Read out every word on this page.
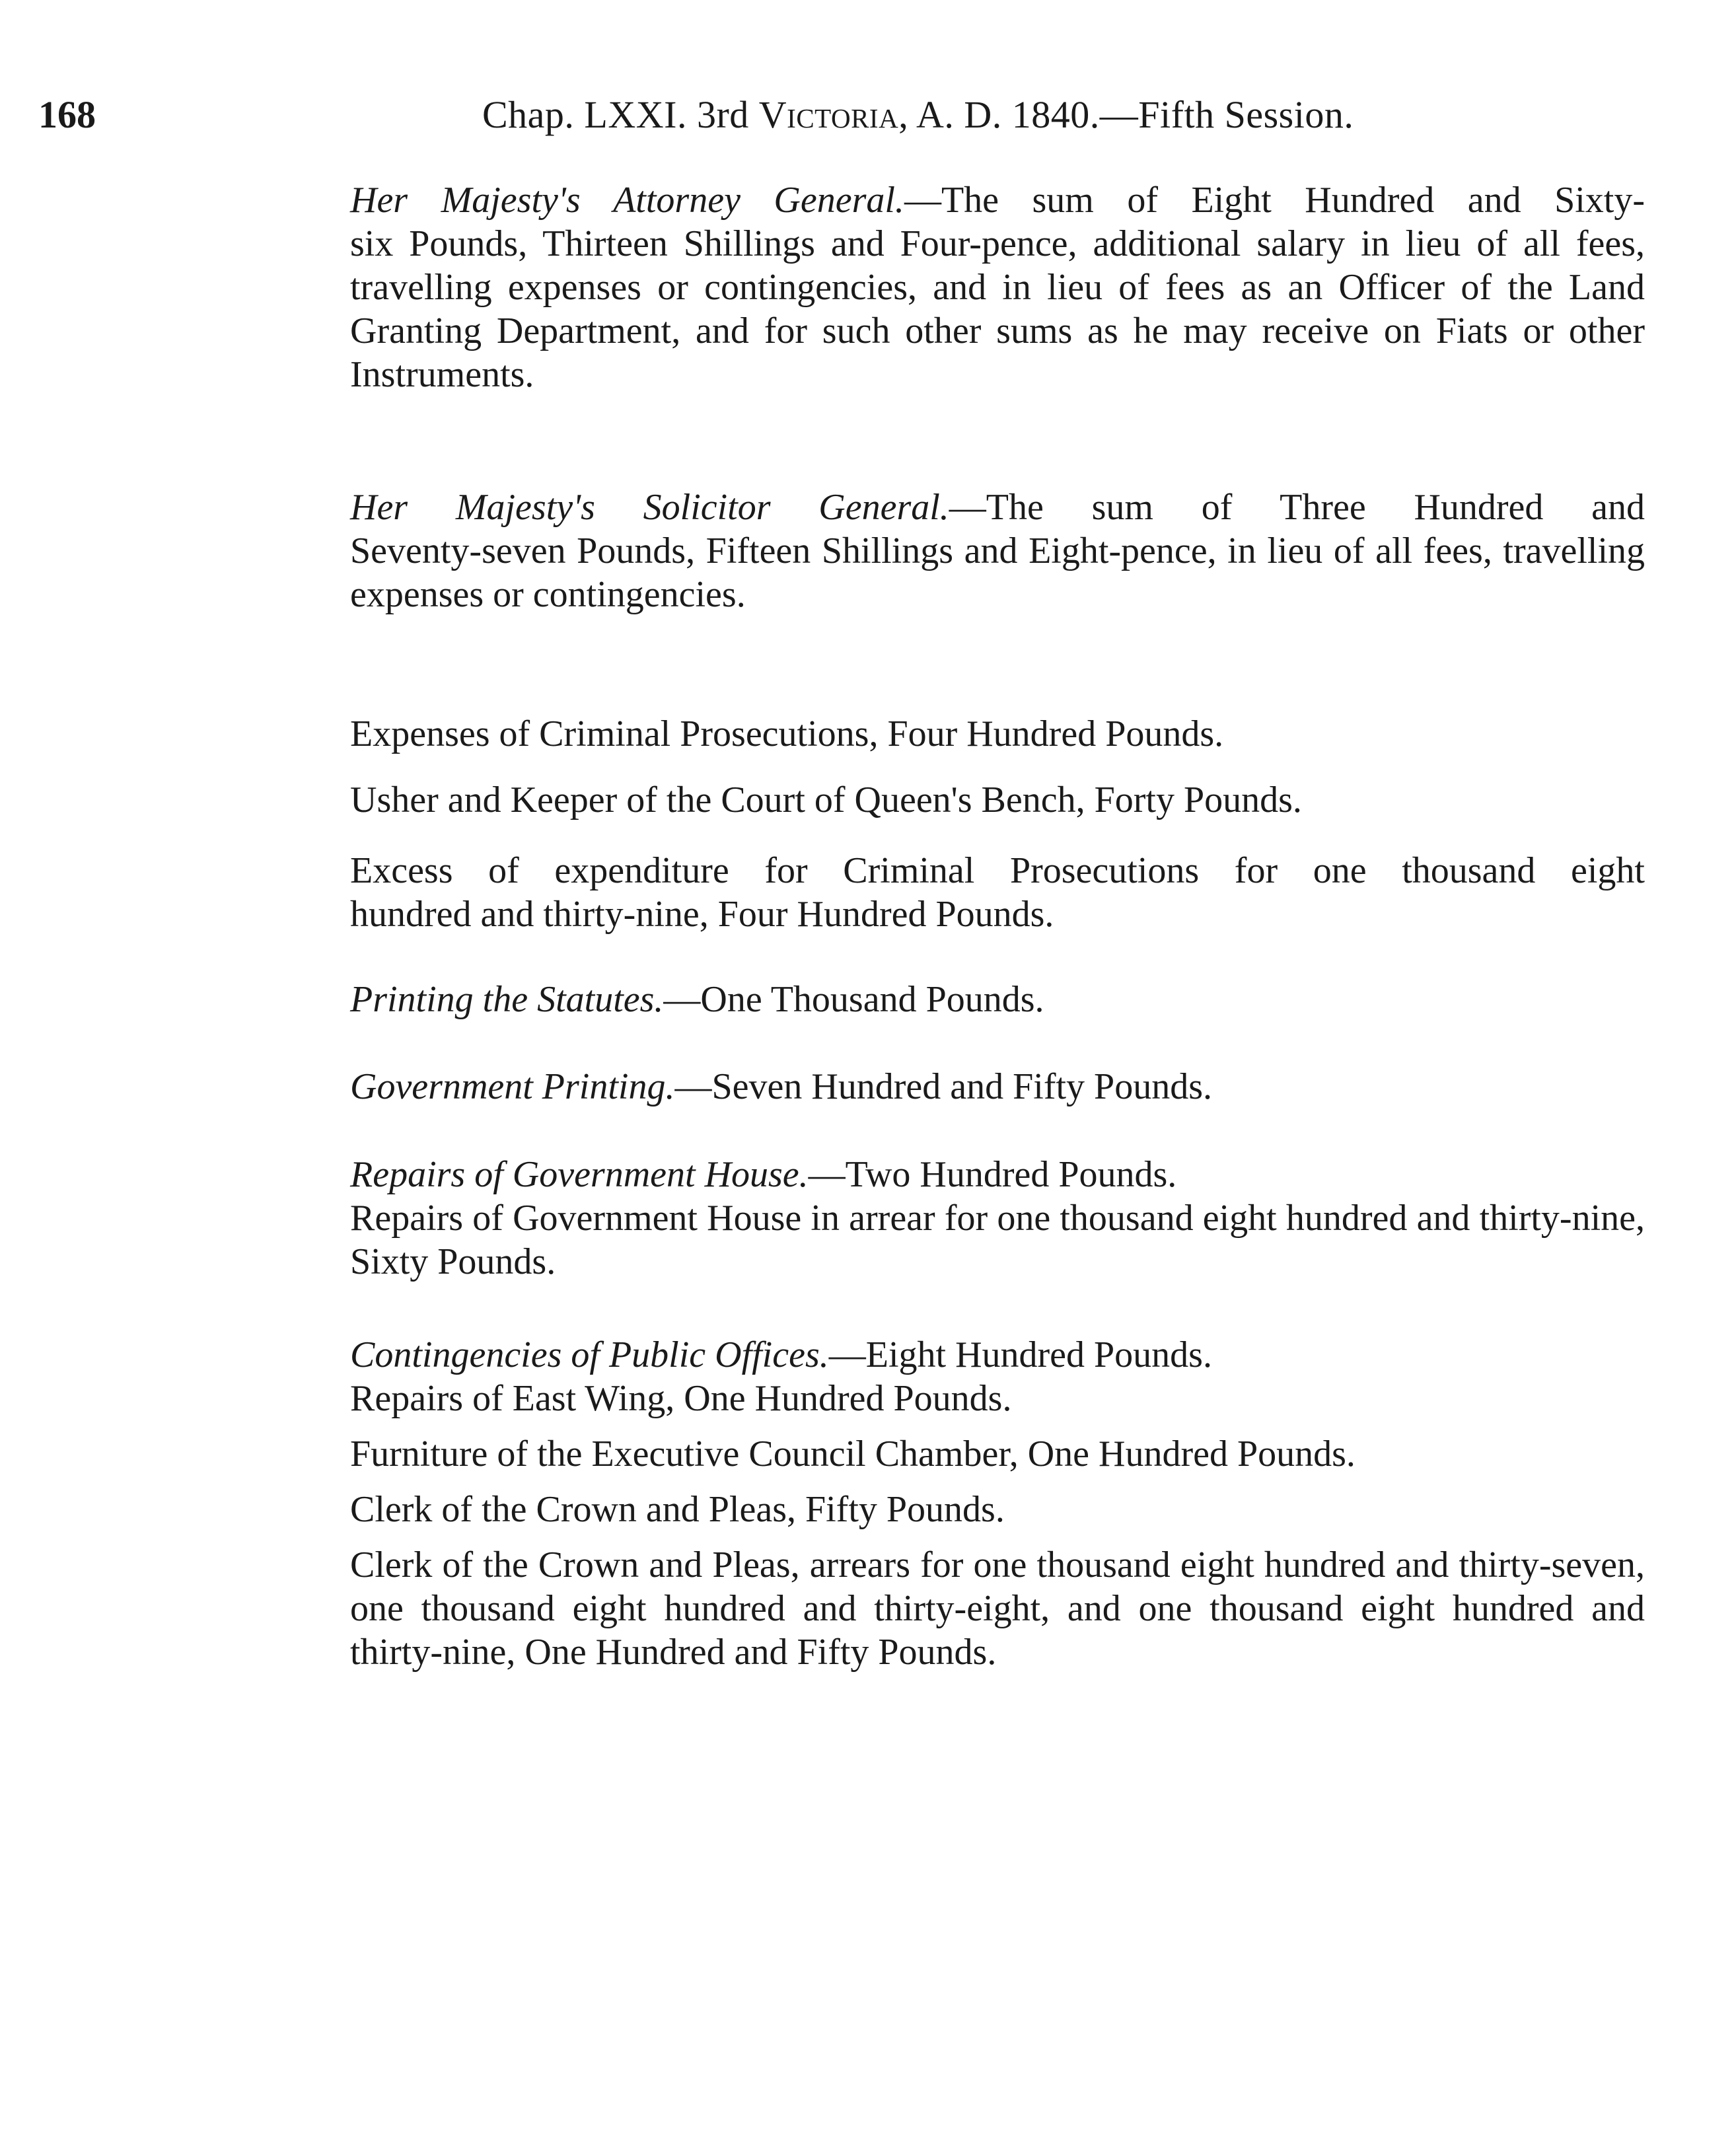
168	Chap. LXXI. 3rd Victoria, A. D. 1840.—Fifth Session.
Her Majesty's Attorney General.—The sum of Eight Hundred and Sixty-

six Pounds, Thirteen Shillings and Four-pence, additional salary in lieu of all fees, travelling expenses or contingencies, and in lieu of fees as an Officer of the Land Granting Department, and for such other sums as he may receive on Fiats or other Instruments.

Her Majesty's Solicitor General.—The sum of Three Hundred and

Seventy-seven Pounds, Fifteen Shillings and Eight-pence, in lieu of all fees, travelling expenses or contingencies.

Expenses of Criminal Prosecutions, Four Hundred Pounds.

Usher and Keeper of the Court of Queen's Bench, Forty Pounds.

Excess of expenditure for Criminal Prosecutions for one thousand eight

hundred and thirty-nine, Four Hundred Pounds.

Printing the Statutes.—One Thousand Pounds.

Government Printing.—Seven Hundred and Fifty Pounds.

Repairs of Government House.—Two Hundred Pounds.

Repairs of Government House in arrear for one thousand eight hundred and thirty-nine, Sixty Pounds.

Contingencies of Public Offices.—Eight Hundred Pounds.

Repairs of East Wing, One Hundred Pounds.

Furniture of the Executive Council Chamber, One Hundred Pounds.

Clerk of the Crown and Pleas, Fifty Pounds.

Clerk of the Crown and Pleas, arrears for one thousand eight hundred and thirty-seven, one thousand eight hundred and thirty-eight, and one thousand eight hundred and thirty-nine, One Hundred and Fifty Pounds.
